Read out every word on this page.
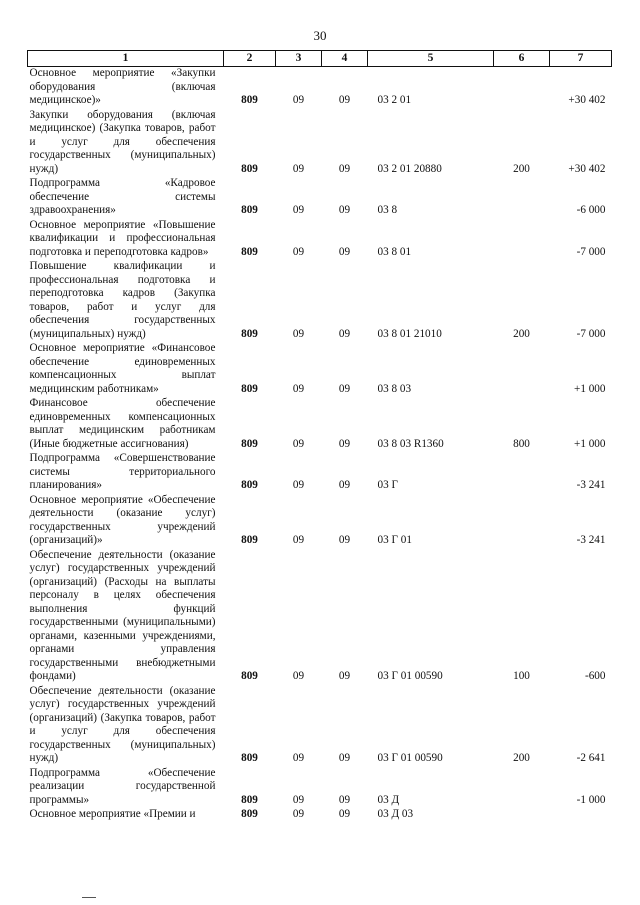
30
1	2	3	4	5	6	7
Основное мероприятие «Закупки оборудования (включая медицинское)»	809	09	09	03 2 01		+30 402
Закупки оборудования (включая медицинское) (Закупка товаров, работ и услуг для обеспечения государственных (муниципальных) нужд)	809	09	09	03 2 01 20880	200	+30 402
Подпрограмма «Кадровое обеспечение системы здравоохранения»	809	09	09	03 8		-6 000
Основное мероприятие «Повышение квалификации и профессиональная подготовка и переподготовка кадров»	809	09	09	03 8 01		-7 000
Повышение квалификации и профессиональная подготовка и переподготовка кадров (Закупка товаров, работ и услуг для обеспечения государственных (муниципальных) нужд)	809	09	09	03 8 01 21010	200	-7 000
Основное мероприятие «Финансовое обеспечение единовременных компенсационных выплат медицинским работникам»	809	09	09	03 8 03		+1 000
Финансовое обеспечение единовременных компенсационных выплат медицинским работникам (Иные бюджетные ассигнования)	809	09	09	03 8 03 R1360	800	+1 000
Подпрограмма «Совершенствование системы территориального планирования»	809	09	09	03 Г		-3 241
Основное мероприятие «Обеспечение деятельности (оказание услуг) государственных учреждений (организаций)»	809	09	09	03 Г 01		-3 241
Обеспечение деятельности (оказание услуг) государственных учреждений (организаций) (Расходы на выплаты персоналу в целях обеспечения выполнения функций государственными (муниципальными) органами, казенными учреждениями, органами управления государственными внебюджетными фондами)	809	09	09	03 Г 01 00590	100	-600
Обеспечение деятельности (оказание услуг) государственных учреждений (организаций) (Закупка товаров, работ и услуг для обеспечения государственных (муниципальных) нужд)	809	09	09	03 Г 01 00590	200	-2 641
Подпрограмма «Обеспечение реализации государственной программы»	809	09	09	03 Д		-1 000
Основное мероприятие «Премии и	809	09	09	03 Д 03		
